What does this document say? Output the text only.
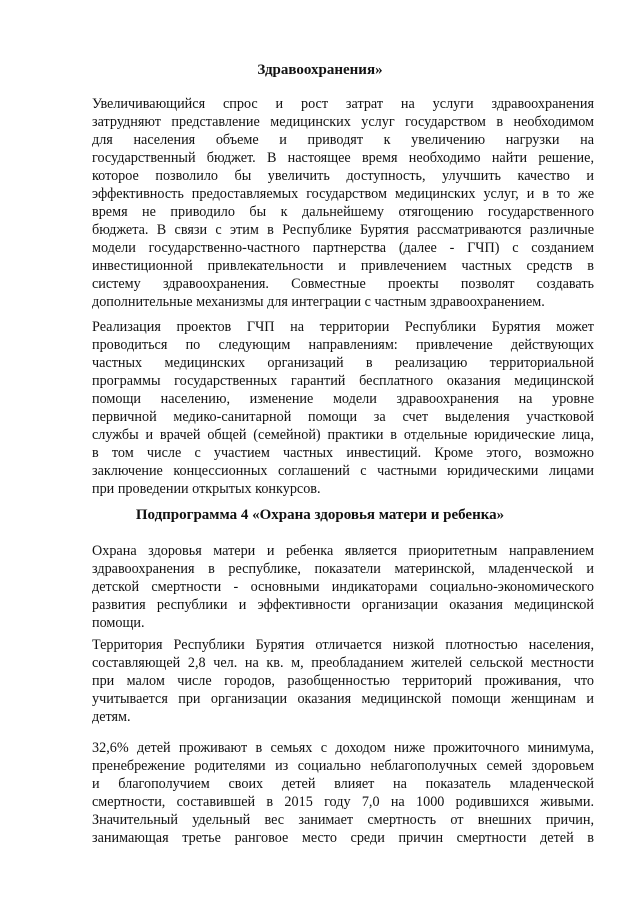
Здравоохранения»
Увеличивающийся спрос и рост затрат на услуги здравоохранения
затрудняют представление медицинских услуг государством в необходимом
для населения объеме и приводят к увеличению нагрузки на
государственный бюджет. В настоящее время необходимо найти решение,
которое позволило бы увеличить доступность, улучшить качество и
эффективность предоставляемых государством медицинских услуг, и в то же
время не приводило бы к дальнейшему отягощению государственного
бюджета. В связи с этим в Республике Бурятия рассматриваются различные
модели государственно-частного партнерства (далее - ГЧП) с созданием
инвестиционной привлекательности и привлечением частных средств в
систему здравоохранения. Совместные проекты позволят создавать
дополнительные механизмы для интеграции с частным здравоохранением.
Реализация проектов ГЧП на территории Республики Бурятия может
проводиться по следующим направлениям: привлечение действующих
частных медицинских организаций в реализацию территориальной
программы государственных гарантий бесплатного оказания медицинской
помощи населению, изменение модели здравоохранения на уровне
первичной медико-санитарной помощи за счет выделения участковой
службы и врачей общей (семейной) практики в отдельные юридические лица,
в том числе с участием частных инвестиций. Кроме этого, возможно
заключение концессионных соглашений с частными юридическими лицами
при проведении открытых конкурсов.
Подпрограмма 4 «Охрана здоровья матери и ребенка»
Охрана здоровья матери и ребенка является приоритетным направлением
здравоохранения в республике, показатели материнской, младенческой и
детской смертности - основными индикаторами социально-экономического
развития республики и эффективности организации оказания медицинской
помощи.
Территория Республики Бурятия отличается низкой плотностью населения,
составляющей 2,8 чел. на кв. м, преобладанием жителей сельской местности
при малом числе городов, разобщенностью территорий проживания, что
учитывается при организации оказания медицинской помощи женщинам и
детям.
32,6% детей проживают в семьях с доходом ниже прожиточного минимума,
пренебрежение родителями из социально неблагополучных семей здоровьем
и благополучием своих детей влияет на показатель младенческой
смертности, составившей в 2015 году 7,0 на 1000 родившихся живыми.
Значительный удельный вес занимает смертность от внешних причин,
занимающая третье ранговое место среди причин смертности детей в
